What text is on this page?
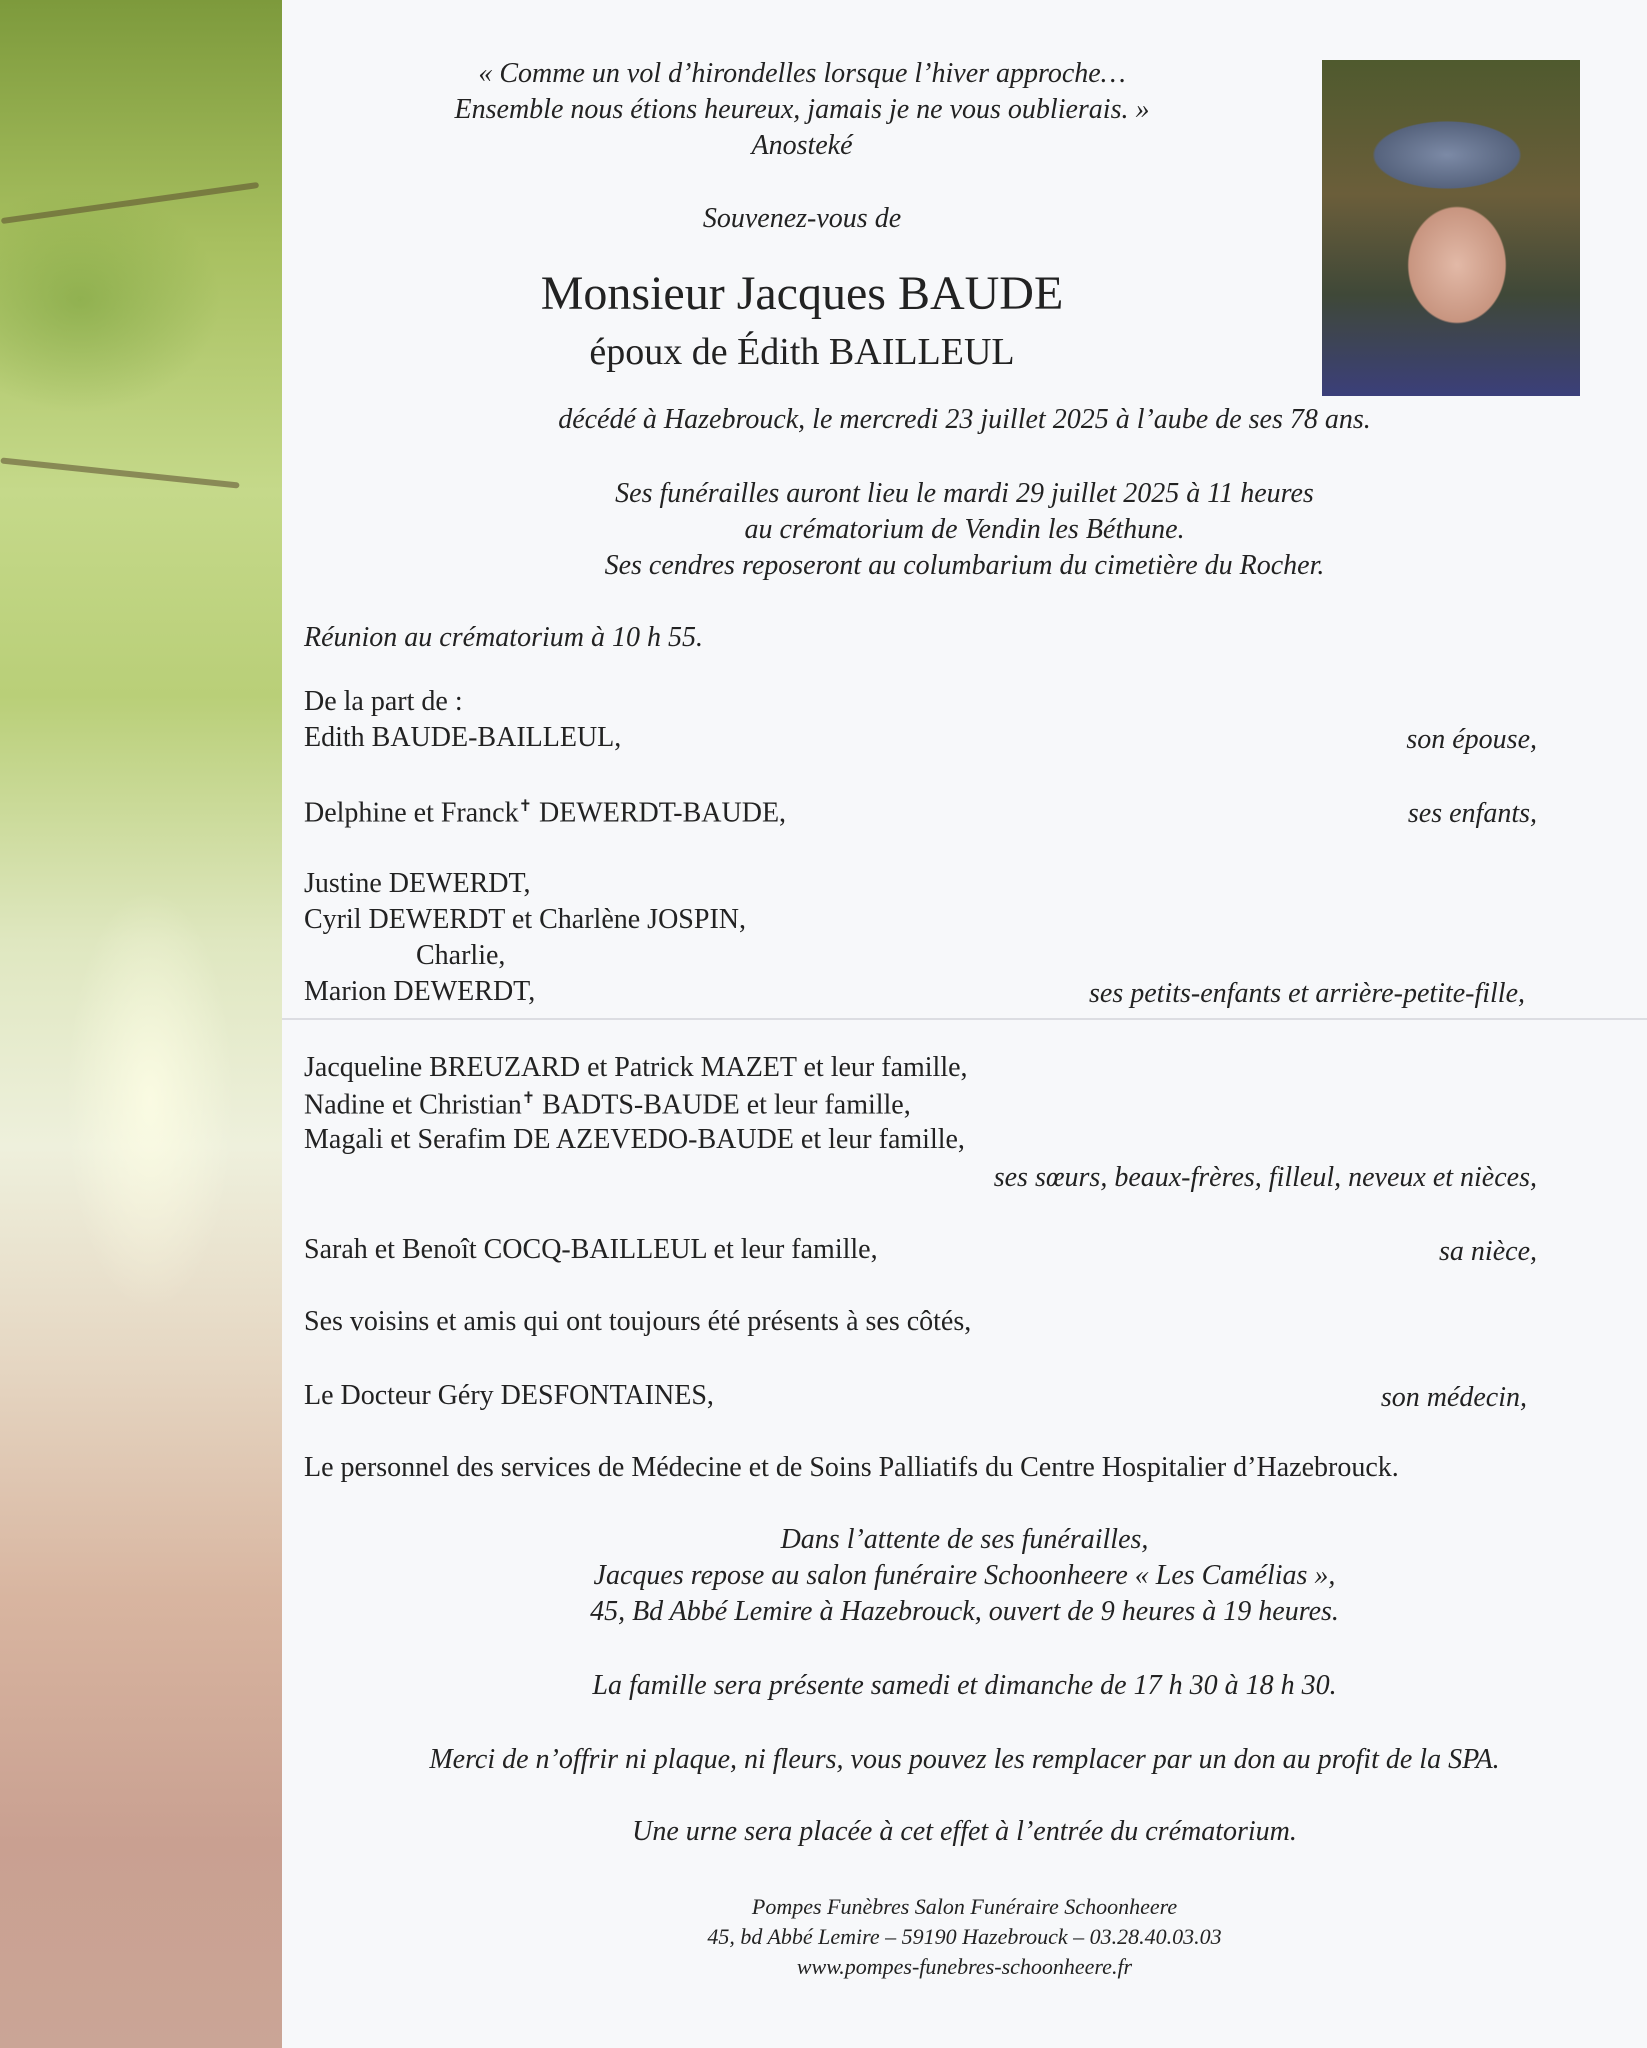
« Comme un vol d’hirondelles lorsque l’hiver approche…
Ensemble nous étions heureux, jamais je ne vous oublierais. »
Anosteké
Souvenez-vous de
Monsieur Jacques BAUDE
époux de Édith BAILLEUL
décédé à Hazebrouck, le mercredi 23 juillet 2025 à l’aube de ses 78 ans.
Ses funérailles auront lieu le mardi 29 juillet 2025 à 11 heures
au crématorium de Vendin les Béthune.
Ses cendres reposeront au columbarium du cimetière du Rocher.
Réunion au crématorium à 10 h 55.
De la part de :
Edith BAUDE-BAILLEUL,	son épouse,
Delphine et Franck✝ DEWERDT-BAUDE,	ses enfants,
Justine DEWERDT,
Cyril DEWERDT et Charlène JOSPIN,
Charlie,
Marion DEWERDT,	ses petits-enfants et arrière-petite-fille,
Jacqueline BREUZARD et Patrick MAZET et leur famille,
Nadine et Christian✝ BADTS-BAUDE et leur famille,
Magali et Serafim DE AZEVEDO-BAUDE et leur famille,
ses sœurs, beaux-frères, filleul, neveux et nièces,
Sarah et Benoît COCQ-BAILLEUL et leur famille,	sa nièce,
Ses voisins et amis qui ont toujours été présents à ses côtés,
Le Docteur Géry DESFONTAINES,	son médecin,
Le personnel des services de Médecine et de Soins Palliatifs du Centre Hospitalier d’Hazebrouck.
Dans l’attente de ses funérailles,
Jacques repose au salon funéraire Schoonheere « Les Camélias »,
45, Bd Abbé Lemire à Hazebrouck, ouvert de 9 heures à 19 heures.
La famille sera présente samedi et dimanche de 17 h 30 à 18 h 30.
Merci de n’offrir ni plaque, ni fleurs, vous pouvez les remplacer par un don au profit de la SPA.
Une urne sera placée à cet effet à l’entrée du crématorium.
Pompes Funèbres Salon Funéraire Schoonheere
45, bd Abbé Lemire – 59190 Hazebrouck – 03.28.40.03.03
www.pompes-funebres-schoonheere.fr
